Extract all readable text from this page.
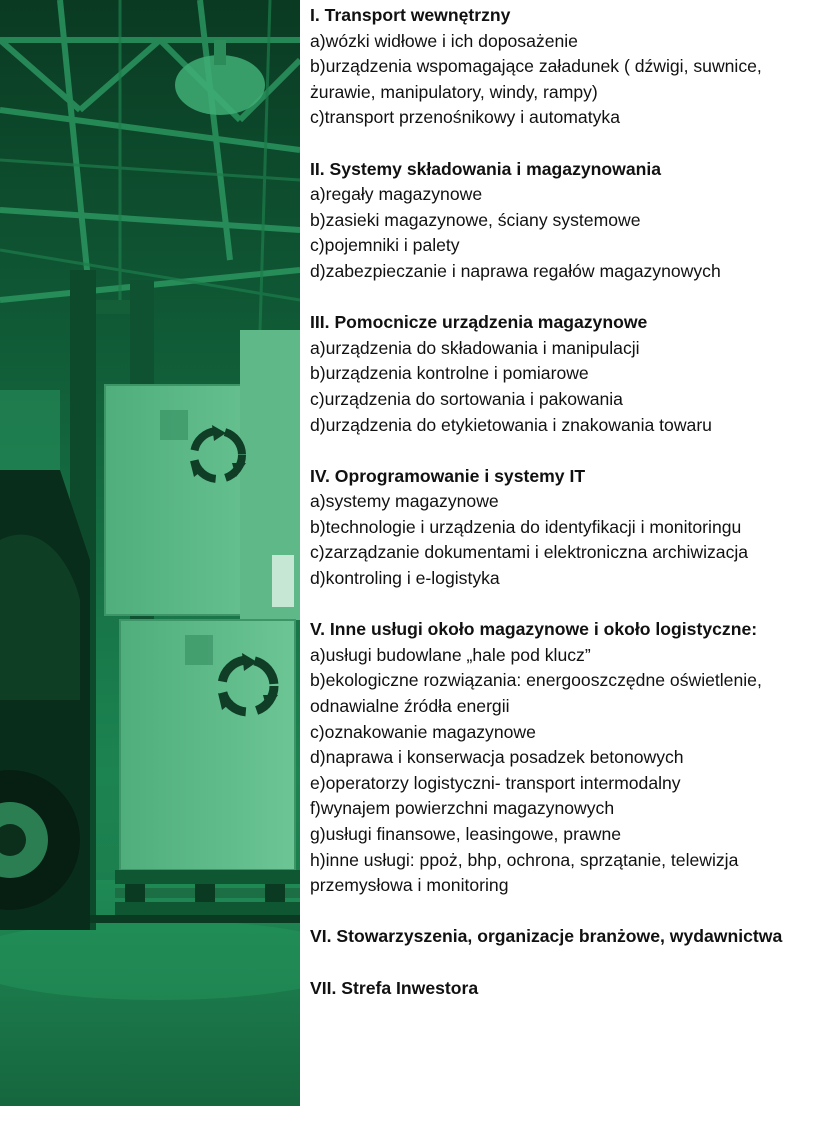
I. Transport wewnętrzny
a)wózki widłowe i ich doposażenie
b)urządzenia wspomagające załadunek ( dźwigi, suwnice, żurawie, manipulatory, windy, rampy)
c)transport przenośnikowy i automatyka
II. Systemy składowania i magazynowania
a)regały magazynowe
b)zasieki magazynowe, ściany systemowe
c)pojemniki i palety
d)zabezpieczanie i naprawa regałów magazynowych
III. Pomocnicze urządzenia magazynowe
a)urządzenia do składowania i manipulacji
b)urządzenia kontrolne i pomiarowe
c)urządzenia do sortowania i pakowania
d)urządzenia do etykietowania i znakowania towaru
IV. Oprogramowanie i systemy IT
a)systemy magazynowe
b)technologie i urządzenia do identyfikacji i monitoringu
c)zarządzanie dokumentami i elektroniczna archiwizacja
d)kontroling i e-logistyka
V. Inne usługi około magazynowe i około logistyczne:
a)usługi budowlane „hale pod klucz”
b)ekologiczne rozwiązania: energooszczędne oświetlenie, odnawialne źródła energii
c)oznakowanie magazynowe
d)naprawa i konserwacja posadzek betonowych
e)operatorzy logistyczni- transport intermodalny
f)wynajem powierzchni magazynowych
g)usługi finansowe, leasingowe, prawne
h)inne usługi: ppoż, bhp, ochrona, sprzątanie, telewizja przemysłowa i monitoring
VI. Stowarzyszenia, organizacje branżowe, wydawnictwa
VII. Strefa Inwestora
